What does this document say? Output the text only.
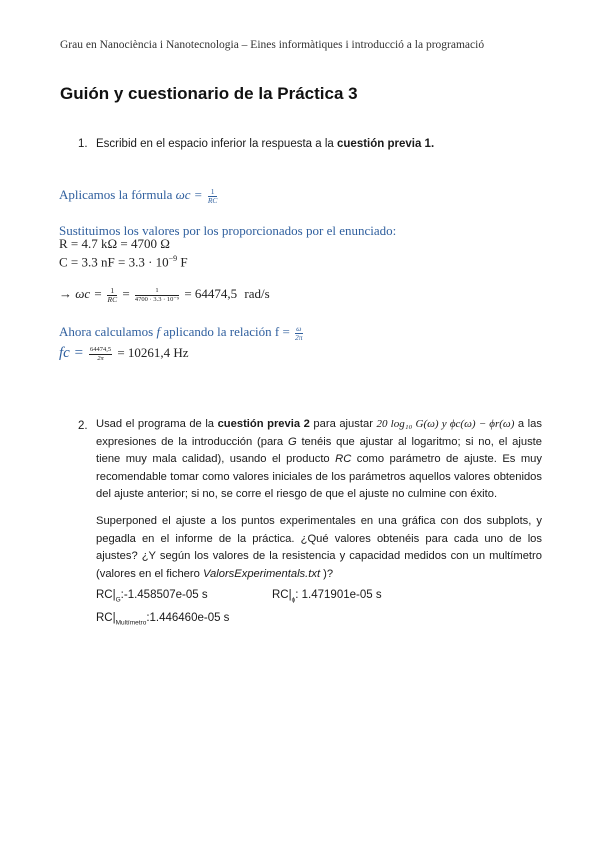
Grau en Nanociència i Nanotecnologia – Eines informàtiques i introducció a la programació
Guión y cuestionario de la Práctica 3
1. Escribid en el espacio inferior la respuesta a la cuestión previa 1.
Aplicamos la fórmula $\omega c = \frac{1}{RC}$
Sustituimos los valores por los proporcionados por el enunciado:
R = 4.7 kΩ = 4700 Ω
C = 3.3 nF = $3.3 \cdot 10^{-9}$ F
→ $\omega c = \frac{1}{RC} = \frac{1}{\text{4700 · 3.3 · 10⁻⁹}} = 64474,5$ rad/s
Ahora calculamos f aplicando la relación $f = \frac{\omega}{2\pi}$
fc = $\frac{64474,5}{2\pi} = 10261,4$ Hz
2. Usad el programa de la cuestión previa 2 para ajustar 20 log₁₀ G(ω) y ϕc(ω) − ϕr(ω) a las expresiones de la introducción (para G tenéis que ajustar al logaritmo; si no, el ajuste tiene muy mala calidad), usando el producto RC como parámetro de ajuste. Es muy recomendable tomar como valores iniciales de los parámetros aquellos valores obtenidos del ajuste anterior; si no, se corre el riesgo de que el ajuste no culmine con éxito.
Superponed el ajuste a los puntos experimentales en una gráfica con dos subplots, y pegadla en el informe de la práctica. ¿Qué valores obtenéis para cada uno de los ajustes? ¿Y según los valores de la resistencia y capacidad medidos con un multímetro (valores en el fichero ValorsExperimentals.txt )?
$RC|_G:-1.458507e-05$ s	$RC|_\phi$: 1.471901e-05 s
$RC|_{Multímetro}:1.446460e-05$ s
